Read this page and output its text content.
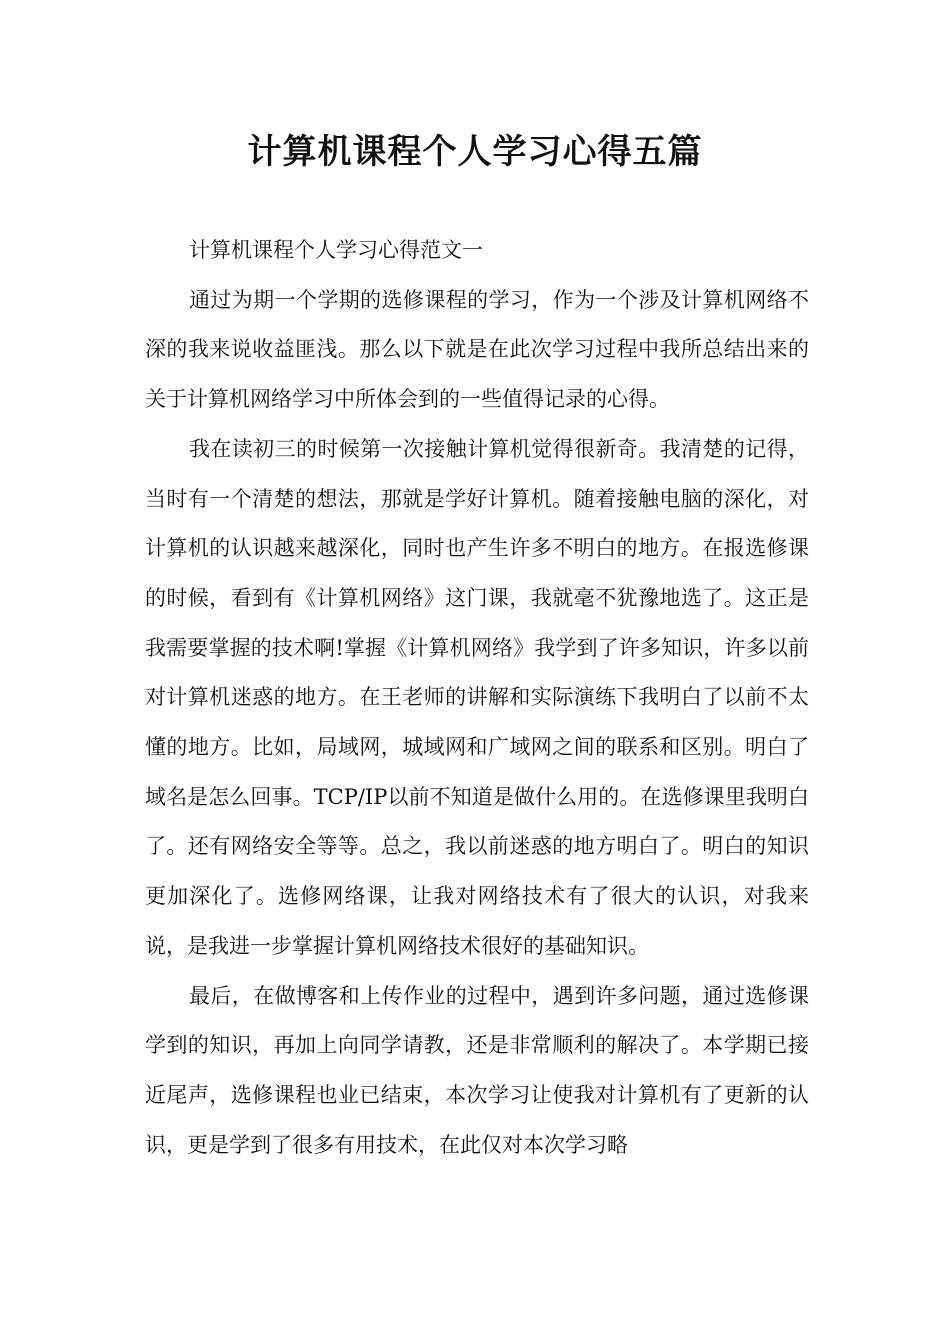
计算机课程个人学习心得五篇

计算机课程个人学习心得范文一

通过为期一个学期的选修课程的学习，作为一个涉及计算机网络不深的我来说收益匪浅。那么以下就是在此次学习过程中我所总结出来的关于计算机网络学习中所体会到的一些值得记录的心得。

我在读初三的时候第一次接触计算机觉得很新奇。我清楚的记得，当时有一个清楚的想法，那就是学好计算机。随着接触电脑的深化，对计算机的认识越来越深化，同时也产生许多不明白的地方。在报选修课的时候，看到有《计算机网络》这门课，我就毫不犹豫地选了。这正是我需要掌握的技术啊!掌握《计算机网络》我学到了许多知识，许多以前对计算机迷惑的地方。在王老师的讲解和实际演练下我明白了以前不太懂的地方。比如，局域网，城域网和广域网之间的联系和区别。明白了域名是怎么回事。TCP/IP以前不知道是做什么用的。在选修课里我明白了。还有网络安全等等。总之，我以前迷惑的地方明白了。明白的知识更加深化了。选修网络课，让我对网络技术有了很大的认识，对我来说，是我进一步掌握计算机网络技术很好的基础知识。

最后，在做博客和上传作业的过程中，遇到许多问题，通过选修课学到的知识，再加上向同学请教，还是非常顺利的解决了。本学期已接近尾声，选修课程也业已结束，本次学习让使我对计算机有了更新的认识，更是学到了很多有用技术，在此仅对本次学习略
